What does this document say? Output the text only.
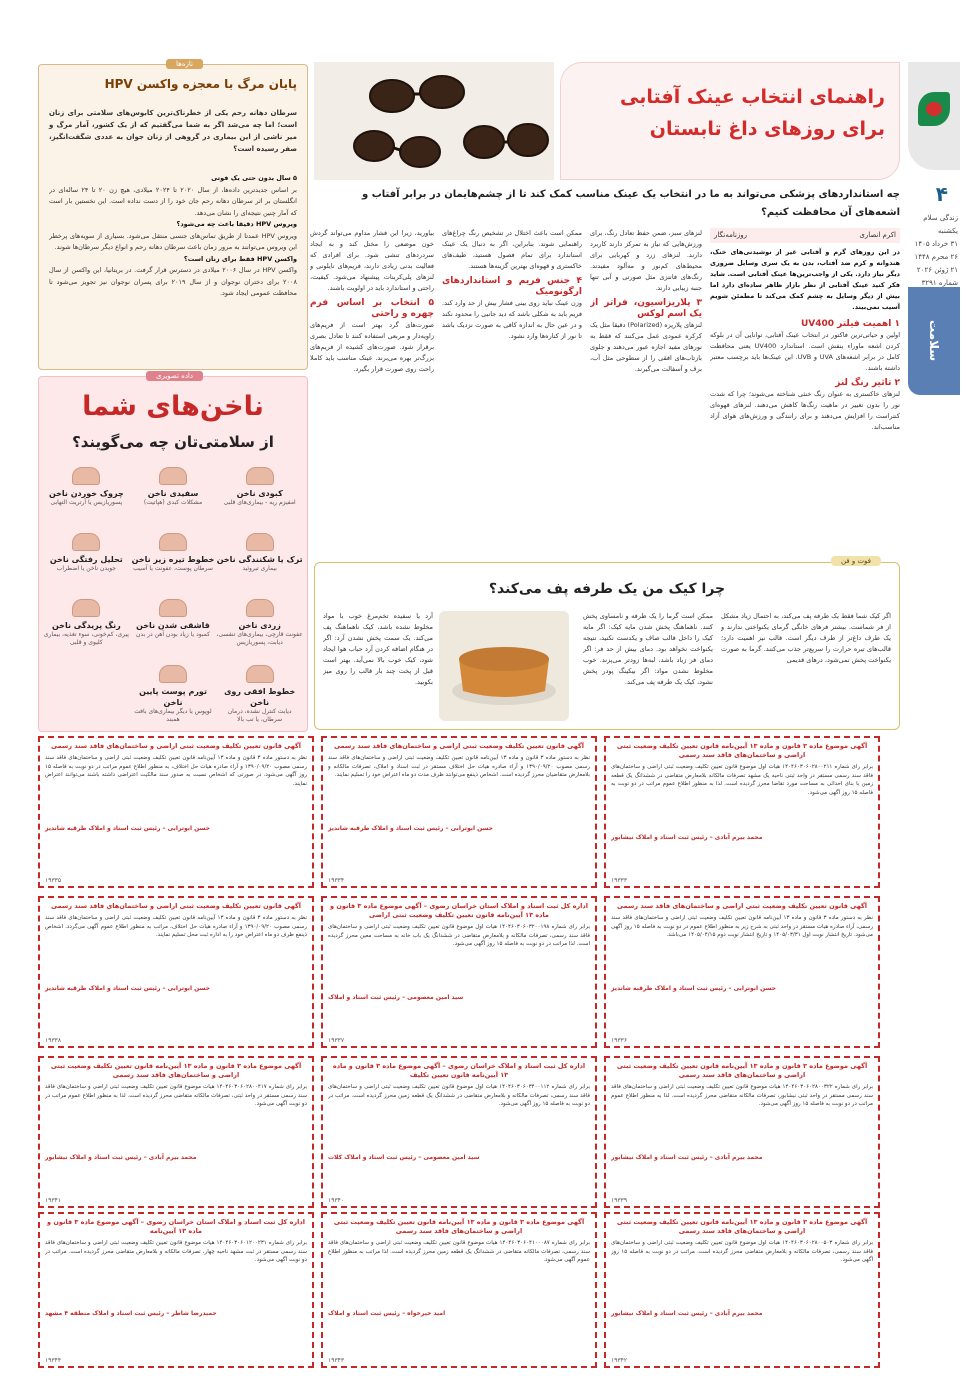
۴
زندگی سلام
یکشنبه
۳۱ خرداد ۱۴۰۵
۲۶ محرم ۱۴۴۸
۲۱ ژوئن ۲۰۲۶
شماره ۳۲۹۱
سلامت
راهنمای انتخاب عینک آفتابی
برای روزهای داغ تابستان
چه استانداردهای پزشکی می‌تواند به ما در انتخاب یک عینک مناسب کمک کند تا از چشم‌هایمان در برابر آفتاب و اشعه‌های آن محافظت کنیم؟
اکرم انصاری
روزنامه‌نگار

در این روزهای گرم و آفتابی غیر از نوشیدنی‌های خنک، هندوانه و کرم ضد آفتاب، بدن به یک سری وسایل ضروری دیگر نیاز دارد. یکی از واجب‌ترین‌ها عینک آفتابی است. شاید فکر کنید عینک آفتابی از نظر بازار ظاهر ساده‌ای دارد اما بیش از دیگر وسایل به چشم کمک می‌کند تا مطمئن شویم آسیب نمی‌بیند.

۱ اهمیت فیلتر UV400

اولین و حیاتی‌ترین فاکتور در انتخاب عینک آفتابی، توانایی آن در بلوکه کردن اشعه ماوراء بنفش است. استاندارد UV400 یعنی محافظت کامل در برابر اشعه‌های UVA و UVB. این عینک‌ها باید برچسب معتبر داشته باشند.

۲ تاثیر رنگ لنز

لنزهای خاکستری به عنوان رنگ خنثی شناخته می‌شوند؛ چرا که شدت نور را بدون تغییر در ماهیت رنگ‌ها کاهش می‌دهند. لنزهای قهوه‌ای کنتراست را افزایش می‌دهند و برای رانندگی و ورزش‌های هوای آزاد مناسب‌اند.

لنزهای سبز، ضمن حفظ تعادل رنگ، برای ورزش‌هایی که نیاز به تمرکز دارند کاربرد دارند. لنزهای زرد و کهربایی برای محیط‌های کم‌نور و مه‌آلود مفیدند. رنگ‌های فانتزی مثل صورتی و آبی تنها جنبه زیبایی دارند.

۳ پلاریزاسیون، فراتر از یک اسم لوکس

لنزهای پلاریزه (Polarized) دقیقا مثل یک کرکره عمودی عمل می‌کنند که فقط به نورهای مفید اجازه عبور می‌دهند و جلوی بازتاب‌های افقی را از سطوحی مثل آب، برف و آسفالت می‌گیرند.

ممکن است باعث اختلال در تشخیص رنگ چراغ‌های راهنمایی شوند. بنابراین، اگر به دنبال یک عینک استاندارد برای تمام فصول هستید، طیف‌های خاکستری و قهوه‌ای بهترین گزینه‌ها هستند.

۴ جنس فریم و استانداردهای ارگونومیک

وزن عینک نباید روی بینی فشار بیش از حد وارد کند. فریم باید به شکلی باشد که دید جانبی را محدود نکند و در عین حال به اندازه کافی به صورت نزدیک باشد تا نور از کناره‌ها وارد نشود.

بیاورید، زیرا این فشار مداوم می‌تواند گردش خون موضعی را مختل کند و به ایجاد سردردهای تنشی شود. برای افرادی که فعالیت بدنی زیادی دارند، فریم‌های نایلونی و لنزهای پلی‌کربنات پیشنهاد می‌شود. کیفیت، راحتی و استاندارد باید در اولویت باشند.

۵ انتخاب بر اساس فرم چهره و راحتی

صورت‌های گرد بهتر است از فریم‌های زاویه‌دار و مربعی استفاده کنند تا تعادل بصری برقرار شود. صورت‌های کشیده از فریم‌های بزرگ‌تر بهره می‌برند. عینک مناسب باید کاملا راحت روی صورت قرار بگیرد.

فوت و فن
چرا کیک من یک طرفه پف می‌کند؟
اگر کیک شما فقط یک طرفه پف می‌کند، به احتمال زیاد مشکل از فر شماست. بیشتر فرهای خانگی گرمای یکنواختی ندارند و یک طرف داغ‌تر از طرف دیگر است. قالب نیز اهمیت دارد؛ قالب‌های تیره حرارت را سریع‌تر جذب می‌کنند. گرما به صورت یکنواخت پخش نمی‌شود، درهای قدیمی
ممکن است گرما را یک طرفه و نامساوی پخش کنند. ناهماهنگ پخش شدن مایه کیک: اگر مایه کیک را داخل قالب صاف و یکدست نکنید، نتیجه یکنواخت نخواهد بود. دمای بیش از حد فر: اگر دمای فر زیاد باشد، لبه‌ها زودتر می‌پزند. خوب مخلوط نشدن مواد: اگر بیکینگ پودر پخش نشود، کیک یک طرفه پف می‌کند.
آرد یا سفیده تخم‌مرغ خوب با مواد مخلوط نشده باشد، کیک ناهماهنگ پف می‌کند. یک سمت پخش نشدن آرد: اگر در هنگام اضافه کردن آرد حباب هوا ایجاد شود، کیک خوب بالا نمی‌آید. بهتر است قبل از پخت چند بار قالب را روی میز بکوبید.
تازه‌ها
پایان مرگ با معجزه واکسن HPV
سرطان دهانه رحم یکی از خطرناک‌ترین کابوس‌های سلامتی برای زنان است؛ اما چه می‌شد اگر به شما می‌گفتیم که از یک کشور، آمار مرگ و میر ناشی از این بیماری در گروهی از زنان جوان به عددی شگفت‌انگیز، صفر رسیده است؟
۵ سال بدون حتی یک فوتی

بر اساس جدیدترین داده‌ها، از سال ۲۰۲۰ تا ۲۰۲۴ میلادی، هیچ زن ۲۰ تا ۲۴ ساله‌ای در انگلستان بر اثر سرطان دهانه رحم جان خود را از دست نداده است. این نخستین بار است که آمار چنین نتیجه‌ای را نشان می‌دهد.

ویروس HPV دقیقا باعث چه می‌شود؟

ویروس HPV عمدتا از طریق تماس‌های جنسی منتقل می‌شود. بسیاری از سویه‌های پرخطر این ویروس می‌توانند به مرور زمان باعث سرطان دهانه رحم و انواع دیگر سرطان‌ها شوند.

واکسن HPV فقط برای زنان است؟

واکسن HPV در سال ۲۰۰۶ میلادی در دسترس قرار گرفت. در بریتانیا، این واکسن از سال ۲۰۰۸ برای دختران نوجوان و از سال ۲۰۱۹ برای پسران نوجوان نیز تجویز می‌شود تا محافظت عمومی ایجاد شود.

داده تصویری
ناخن‌های شما
از سلامتی‌تان چه می‌گویند؟
کبودی ناخن
امفیزم ریه - بیماری‌های قلبی
سفیدی ناخن
مشکلات کبدی (هپاتیت)
چروک خوردن ناخن
پسوریازیس یا آرتریت التهابی
ترک یا شکنندگی ناخن
بیماری تیروئید
خطوط تیره زیر ناخن
سرطان پوست، عفونت یا آسیب
تحلیل رفتگی ناخن
جویدن ناخن یا اضطراب
زردی ناخن
عفونت قارچی، بیماری‌های تنفسی، دیابت، پسوریازیس
قاشقی شدن ناخن
کمبود یا زیاد بودن آهن در بدن
رنگ پریدگی ناخن
پیری، کم‌خونی، سوء تغذیه، بیماری کلیوی و قلبی
خطوط افقی روی ناخن
دیابت کنترل نشده، درمان سرطان، یا تب بالا
تورم پوست پایین ناخن
لوپوس یا دیگر بیماری‌های بافت همبند
آگهی موضوع ماده ۳ قانون و ماده ۱۳ آیین‌نامه قانون تعیین تکلیف وضعیت ثبتی اراضی و ساختمان‌های فاقد سند رسمی
برابر رای شماره ۱۴۰۴۶۰۳۰۶۰۲۸۰۰۲۱۱ هیات اول موضوع قانون تعیین تکلیف وضعیت ثبتی اراضی و ساختمان‌های فاقد سند رسمی مستقر در واحد ثبتی ناحیه یک مشهد تصرفات مالکانه بلامعارض متقاضی در ششدانگ یک قطعه زمین با بنای احداثی به مساحت مورد تقاضا محرز گردیده است. لذا به منظور اطلاع عموم مراتب در دو نوبت به فاصله ۱۵ روز آگهی می‌شود.
محمد بیرم آبادی – رئیس ثبت اسناد و املاک نیشابور
۱۹۳۳۳
آگهی قانون تعیین تکلیف وضعیت ثبتی اراضی و ساختمان‌های فاقد سند رسمی
نظر به دستور ماده ۳ قانون و ماده ۱۳ آیین‌نامه قانون تعیین تکلیف وضعیت ثبتی اراضی و ساختمان‌های فاقد سند رسمی مصوب ۱۳۹۰/۰۹/۲۰ و آراء صادره هیات حل اختلاف مستقر در ثبت اسناد و املاک، تصرفات مالکانه و بلامعارض متقاضیان محرز گردیده است. اشخاص ذینفع می‌توانند ظرف مدت دو ماه اعتراض خود را تسلیم نمایند.
حسن ابوترابی – رئیس ثبت اسناد و املاک طرقبه شاندیز
۱۹۳۳۴
آگهی قانون تعیین تکلیف وضعیت ثبتی اراضی و ساختمان‌های فاقد سند رسمی
نظر به دستور ماده ۳ قانون و ماده ۱۳ آیین‌نامه قانون تعیین تکلیف وضعیت ثبتی اراضی و ساختمان‌های فاقد سند رسمی مصوب ۱۳۹۰/۰۹/۲۰ و آراء صادره هیات حل اختلاف، به منظور اطلاع عموم مراتب در دو نوبت به فاصله ۱۵ روز آگهی می‌شود. در صورتی که اشخاص نسبت به صدور سند مالکیت اعتراضی داشته باشند می‌توانند اعتراض نمایند.
حسن ابوترابی – رئیس ثبت اسناد و املاک طرقبه شاندیز
۱۹۳۳۵
آگهی قانون تعیین تکلیف وضعیت ثبتی اراضی و ساختمان‌های فاقد سند رسمی
نظر به دستور ماده ۳ قانون و ماده ۱۳ آیین‌نامه قانون تعیین تکلیف وضعیت ثبتی اراضی و ساختمان‌های فاقد سند رسمی، آراء صادره هیات مستقر در واحد ثبتی به شرح زیر به منظور اطلاع عموم در دو نوبت به فاصله ۱۵ روز آگهی می‌شود. تاریخ انتشار نوبت اول ۱۴۰۵/۰۳/۳۱ و تاریخ انتشار نوبت دوم ۱۴۰۵/۰۴/۱۵ می‌باشد.
حسن ابوترابی – رئیس ثبت اسناد و املاک طرقبه شاندیز
۱۹۳۳۶
اداره کل ثبت اسناد و املاک استان خراسان رضوی – آگهی موضوع ماده ۳ قانون و ماده ۱۳ آیین‌نامه قانون تعیین تکلیف وضعیت ثبتی اراضی
برابر رای شماره ۱۴۰۴۶۰۳۰۶۰۳۲۰۰۱۹۸ هیات اول موضوع قانون تعیین تکلیف وضعیت ثبتی اراضی و ساختمان‌های فاقد سند رسمی، تصرفات مالکانه و بلامعارض متقاضی در ششدانگ یک باب خانه به مساحت معین محرز گردیده است. لذا مراتب در دو نوبت به فاصله ۱۵ روز آگهی می‌شود.
سید امین معصومی – رئیس ثبت اسناد و املاک
۱۹۳۳۷
آگهی قانون تعیین تکلیف وضعیت ثبتی اراضی و ساختمان‌های فاقد سند رسمی
نظر به دستور ماده ۳ قانون و ماده ۱۳ آیین‌نامه قانون تعیین تکلیف وضعیت ثبتی اراضی و ساختمان‌های فاقد سند رسمی مصوب ۱۳۹۰/۰۹/۲۰ و آراء صادره هیات حل اختلاف، مراتب به منظور اطلاع عموم آگهی می‌گردد. اشخاص ذینفع ظرف دو ماه اعتراض خود را به اداره ثبت محل تسلیم نمایند.
حسن ابوترابی – رئیس ثبت اسناد و املاک طرقبه شاندیز
۱۹۳۳۸
آگهی موضوع ماده ۳ قانون و ماده ۱۳ آیین‌نامه قانون تعیین تکلیف وضعیت ثبتی اراضی و ساختمان‌های فاقد سند رسمی
برابر رای شماره ۱۴۰۴۶۰۳۰۶۰۲۸۰۰۳۲۲ هیات موضوع قانون تعیین تکلیف وضعیت ثبتی اراضی و ساختمان‌های فاقد سند رسمی مستقر در واحد ثبتی نیشابور، تصرفات مالکانه متقاضی محرز گردیده است. لذا به منظور اطلاع عموم مراتب در دو نوبت به فاصله ۱۵ روز آگهی می‌شود.
محمد بیرم آبادی – رئیس ثبت اسناد و املاک نیشابور
۱۹۳۳۹
اداره کل ثبت اسناد و املاک خراسان رضوی – آگهی موضوع ماده ۳ قانون و ماده ۱۳ آیین‌نامه قانون تعیین تکلیف
برابر رای شماره ۱۴۰۴۶۰۳۰۶۰۳۴۰۰۱۱۲ هیات اول موضوع قانون تعیین تکلیف وضعیت ثبتی اراضی و ساختمان‌های فاقد سند رسمی، تصرفات مالکانه و بلامعارض متقاضی در ششدانگ یک قطعه زمین محرز گردیده است. مراتب در دو نوبت به فاصله ۱۵ روز آگهی می‌شود.
سید امین معصومی – رئیس ثبت اسناد و املاک کلات
۱۹۳۴۰
آگهی موضوع ماده ۳ قانون و ماده ۱۳ آیین‌نامه قانون تعیین تکلیف وضعیت ثبتی اراضی و ساختمان‌های فاقد سند رسمی
برابر رای شماره ۱۴۰۴۶۰۳۰۶۰۲۸۰۰۴۱۷ هیات موضوع قانون تعیین تکلیف وضعیت ثبتی اراضی و ساختمان‌های فاقد سند رسمی مستقر در واحد ثبتی، تصرفات مالکانه متقاضی محرز گردیده است. لذا به منظور اطلاع عموم مراتب در دو نوبت آگهی می‌شود.
محمد بیرم آبادی – رئیس ثبت اسناد و املاک نیشابور
۱۹۳۴۱
آگهی موضوع ماده ۳ قانون و ماده ۱۳ آیین‌نامه قانون تعیین تکلیف وضعیت ثبتی اراضی و ساختمان‌های فاقد سند رسمی
برابر رای شماره ۱۴۰۴۶۰۳۰۶۰۲۸۰۰۵۰۳ هیات اول موضوع قانون تعیین تکلیف وضعیت ثبتی اراضی و ساختمان‌های فاقد سند رسمی، تصرفات مالکانه و بلامعارض متقاضی محرز گردیده است. مراتب در دو نوبت به فاصله ۱۵ روز آگهی می‌شود.
محمد بیرم آبادی – رئیس ثبت اسناد و املاک نیشابور
۱۹۳۴۲
آگهی موضوع ماده ۳ قانون و ماده ۱۳ آیین‌نامه قانون تعیین تکلیف وضعیت ثبتی اراضی و ساختمان‌های فاقد سند رسمی
برابر رای شماره ۱۴۰۴۶۰۳۰۶۰۴۱۰۰۰۸۷ هیات موضوع قانون تعیین تکلیف وضعیت ثبتی اراضی و ساختمان‌های فاقد سند رسمی، تصرفات مالکانه متقاضی در ششدانگ یک قطعه زمین محرز گردیده است. لذا مراتب به منظور اطلاع عموم آگهی می‌شود.
امید خیرخواه – رئیس ثبت اسناد و املاک
۱۹۳۴۳
اداره کل ثبت اسناد و املاک استان خراسان رضوی – آگهی موضوع ماده ۳ قانون و ماده ۱۳ آیین‌نامه
برابر رای شماره ۱۴۰۴۶۰۳۰۶۰۱۲۰۰۲۳۱ هیات موضوع قانون تعیین تکلیف وضعیت ثبتی اراضی و ساختمان‌های فاقد سند رسمی مستقر در ثبت مشهد ناحیه چهار، تصرفات مالکانه و بلامعارض متقاضی محرز گردیده است. مراتب در دو نوبت آگهی می‌شود.
حمیدرضا شاطر – رئیس ثبت اسناد و املاک منطقه ۴ مشهد
۱۹۳۴۴
